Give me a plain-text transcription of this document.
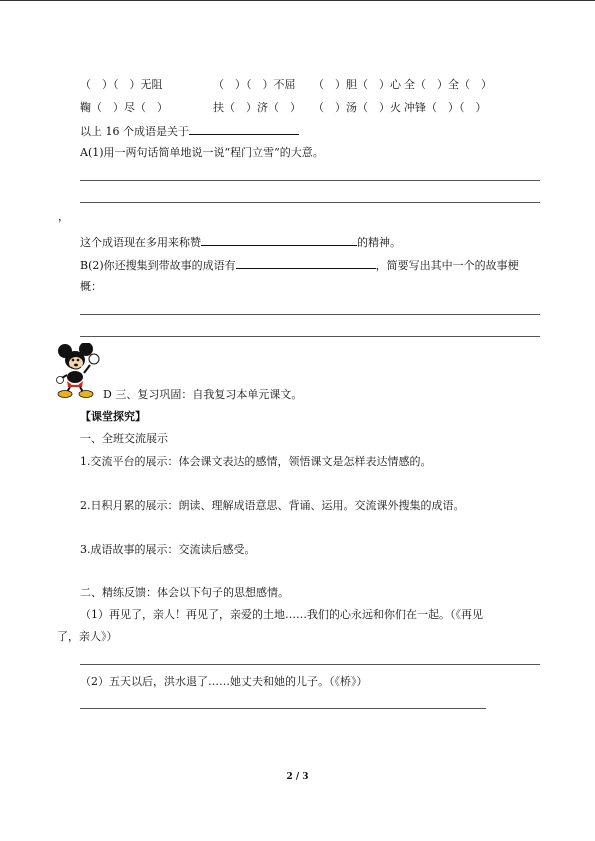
（　）（　）无阻	（　）（　）不屈 （　）胆（　）心 全（　）全（　）
鞠（　）尽（　）	扶（　）济（　） （　）汤（　）火 冲锋（　）（　）
以上 16 个成语是关于
A(1)用一两句话简单地说一说“程门立雪”的大意。
，
这个成语现在多用来称赞	的精神。
B(2)你还搜集到带故事的成语有	，简要写出其中一个的故事梗
概：
D 三、复习巩固：自我复习本单元课文。
【课堂探究】
一、全班交流展示
1.交流平台的展示：体会课文表达的感情，领悟课文是怎样表达情感的。
2.日积月累的展示：朗读、理解成语意思、背诵、运用。交流课外搜集的成语。
3.成语故事的展示：交流读后感受。
二、精练反馈：体会以下句子的思想感情。
（1）再见了，亲人！再见了，亲爱的土地……我们的心永远和你们在一起。（《再见
了，亲人》）
（2）五天以后，洪水退了……她丈夫和她的儿子。（《桥》）
2 / 3
